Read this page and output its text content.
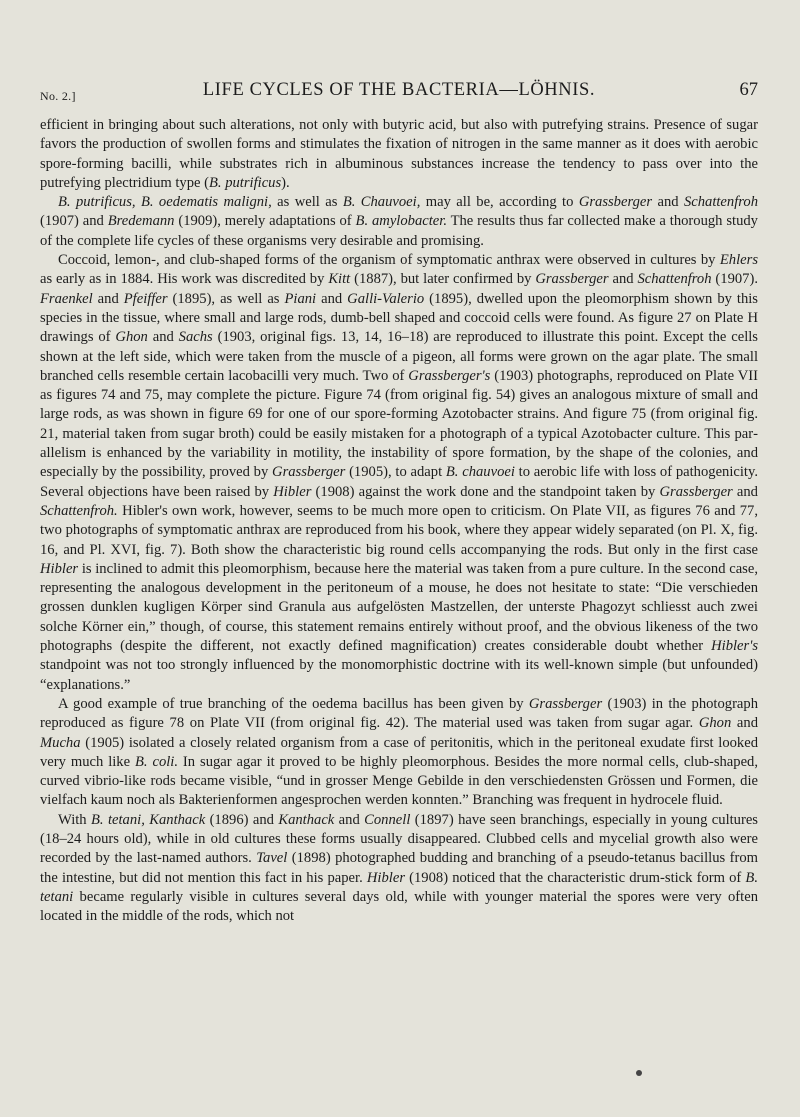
No. 2.]	LIFE CYCLES OF THE BACTERIA—LÖHNIS.	67

efficient in bringing about such alterations, not only with butyric acid, but also with putrefying strains. Presence of sugar favors the production of swollen forms and stimulates the fixation of nitrogen in the same manner as it does with aerobic spore-forming bacilli, while substrates rich in albuminous substances increase the tendency to pass over into the putrefying plectridium type (B. putrificus).

B. putrificus, B. oedematis maligni, as well as B. Chauvoei, may all be, according to Grassberger and Schattenfroh (1907) and Bredemann (1909), merely adaptations of B. amylobacter. The results thus far collected make a thorough study of the complete life cycles of these organisms very desirable and promising.

Coccoid, lemon-, and club-shaped forms of the organism of symptomatic anthrax were observed in cultures by Ehlers as early as in 1884. His work was discredited by Kitt (1887), but later confirmed by Grassberger and Schattenfroh (1907). Fraenkel and Pfeiffer (1895), as well as Piani and Galli-Valerio (1895), dwelled upon the pleomorphism shown by this species in the tissue, where small and large rods, dumb-bell shaped and coccoid cells were found. As figure 27 on Plate H drawings of Ghon and Sachs (1903, original figs. 13, 14, 16–18) are reproduced to illustrate this point. Except the cells shown at the left side, which were taken from the muscle of a pigeon, all forms were grown on the agar plate. The small branched cells resemble certain lacobacilli very much. Two of Grassberger's (1903) photographs, reproduced on Plate VII as figures 74 and 75, may complete the picture. Figure 74 (from original fig. 54) gives an analogous mixture of small and large rods, as was shown in figure 69 for one of our spore-forming Azotobacter strains. And figure 75 (from original fig. 21, material taken from sugar broth) could be easily mistaken for a photograph of a typical Azotobacter culture. This parallelism is enhanced by the variability in motility, the instability of spore formation, by the shape of the colonies, and especially by the possibility, proved by Grassberger (1905), to adapt B. chauvoei to aerobic life with loss of pathogenicity. Several objections have been raised by Hibler (1908) against the work done and the standpoint taken by Grassberger and Schattenfroh. Hibler's own work, however, seems to be much more open to criticism. On Plate VII, as figures 76 and 77, two photographs of symptomatic anthrax are reproduced from his book, where they appear widely separated (on Pl. X, fig. 16, and Pl. XVI, fig. 7). Both show the characteristic big round cells accompanying the rods. But only in the first case Hibler is inclined to admit this pleomorphism, because here the material was taken from a pure culture. In the second case, representing the analogous development in the peritoneum of a mouse, he does not hesitate to state: “Die verschieden grossen dunklen kugligen Körper sind Granula aus aufgelösten Mastzellen, der unterste Phagozyt schliesst auch zwei solche Körner ein,” though, of course, this statement remains entirely without proof, and the obvious likeness of the two photographs (despite the different, not exactly defined magnification) creates considerable doubt whether Hibler's standpoint was not too strongly influenced by the monomorphistic doctrine with its well-known simple (but unfounded) “explanations.”

A good example of true branching of the oedema bacillus has been given by Grassberger (1903) in the photograph reproduced as figure 78 on Plate VII (from original fig. 42). The material used was taken from sugar agar. Ghon and Mucha (1905) isolated a closely related organism from a case of peritonitis, which in the peritoneal exudate first looked very much like B. coli. In sugar agar it proved to be highly pleomorphous. Besides the more normal cells, club-shaped, curved vibrio-like rods became visible, “und in grosser Menge Gebilde in den verschiedensten Grössen und Formen, die vielfach kaum noch als Bakterienformen angesprochen werden konnten.” Branching was frequent in hydrocele fluid.

With B. tetani, Kanthack (1896) and Kanthack and Connell (1897) have seen branchings, especially in young cultures (18–24 hours old), while in old cultures these forms usually disappeared. Clubbed cells and mycelial growth also were recorded by the last-named authors. Tavel (1898) photographed budding and branching of a pseudo-tetanus bacillus from the intestine, but did not mention this fact in his paper. Hibler (1908) noticed that the characteristic drum-stick form of B. tetani became regularly visible in cultures several days old, while with younger material the spores were very often located in the middle of the rods, which not
